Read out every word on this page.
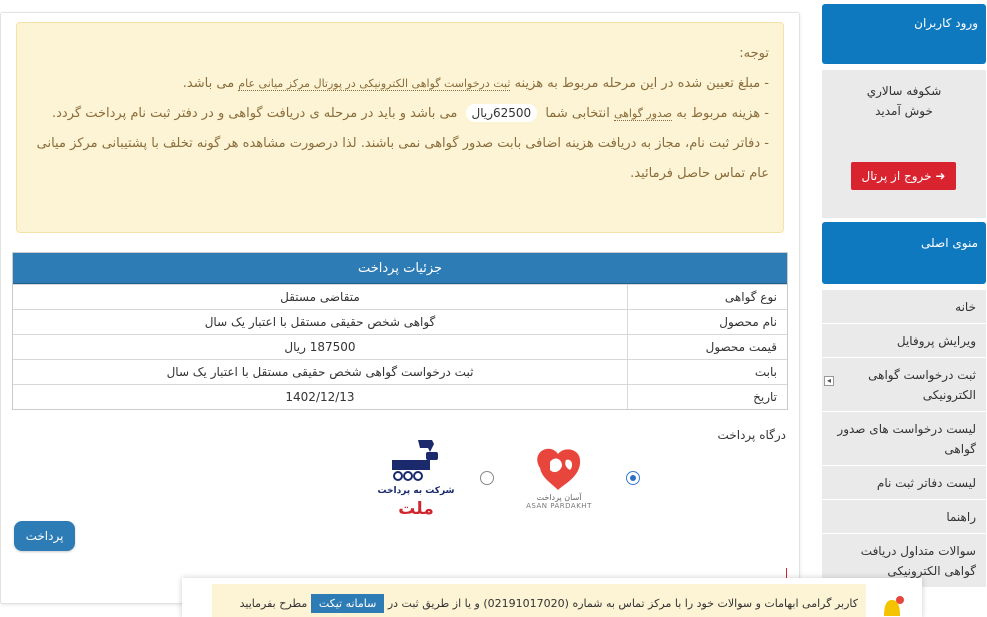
توجه:

- مبلغ تعیین شده در این مرحله مربوط به هزینه ثبت درخواست گواهی الکترونیکی در پورتال مرکز میانی عام می باشد.

- هزینه مربوط به صدور گواهی انتخابی شما 62500ریال می باشد و باید در مرحله ی دریافت گواهی و در دفتر ثبت نام پرداخت گردد.

- دفاتر ثبت نام، مجاز به دریافت هزینه اضافی بابت صدور گواهی نمی باشند. لذا درصورت مشاهده هر گونه تخلف با پشتیبانی مرکز میانی عام تماس حاصل فرمائید.

جزئیات پرداخت
نوع گواهی
متقاضی مستقل
نام محصول
گواهی شخص حقیقی مستقل با اعتبار یک سال
قیمت محصول
187500 ریال
بابت
ثبت درخواست گواهی شخص حقیقی مستقل با اعتبار یک سال
تاریخ
1402/12/13
درگاه پرداخت
آسان پرداخت
ASAN PARDAKHT
شرکت به پرداخت
ملت
پرداخت
ورود کاربران
شکوفه سالاري
خوش آمدید
➜ خروج از پرتال
منوی اصلی
خانه
ویرایش پروفایل
ثبت درخواست گواهی الکترونیکی
◂
لیست درخواست های صدور گواهی
لیست دفاتر ثبت نام
راهنما
سوالات متداول دریافت گواهی الکترونیکی
کاربر گرامی ابهامات و سوالات خود را با مرکز تماس به شماره (02191017020) و یا از طریق ثبت در سامانه تیکت مطرح بفرمایید
